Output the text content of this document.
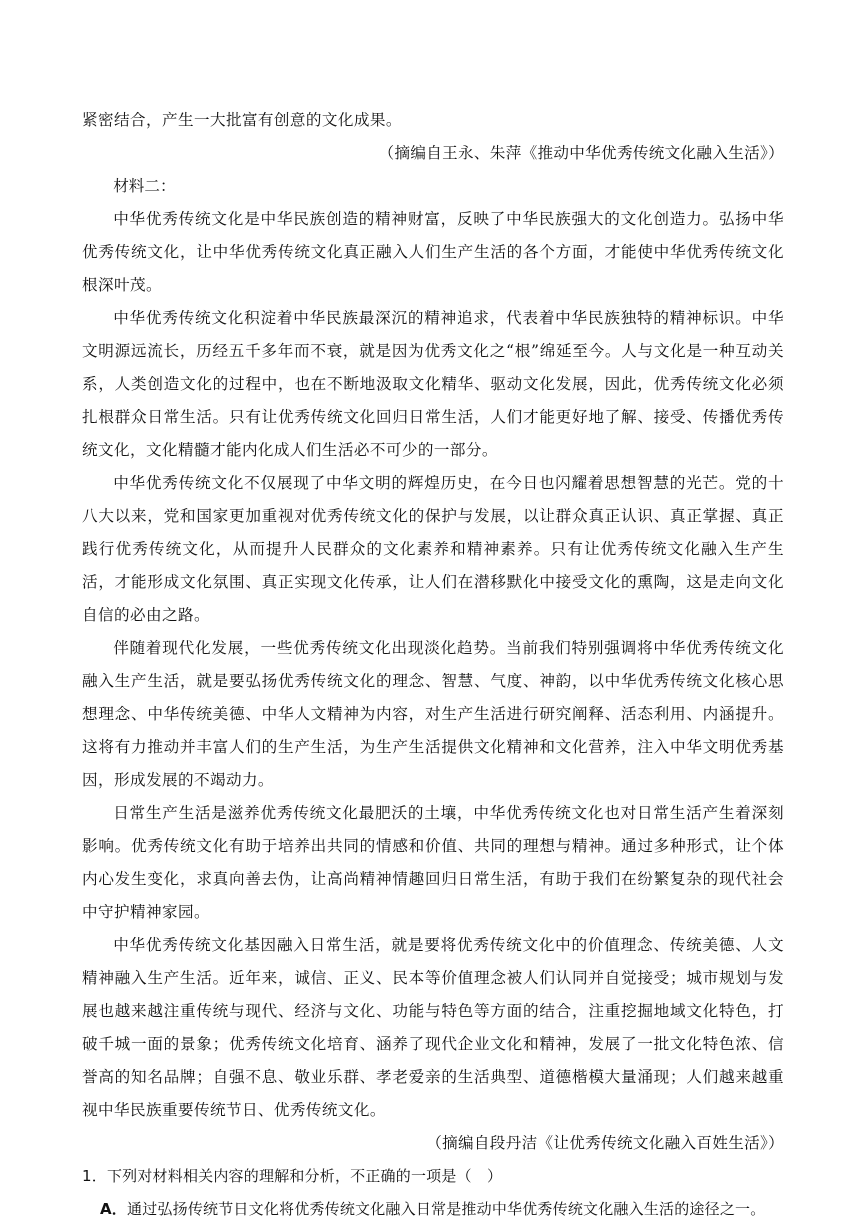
紧密结合，产生一大批富有创意的文化成果。

（摘编自王永、朱萍《推动中华优秀传统文化融入生活》）

材料二：

中华优秀传统文化是中华民族创造的精神财富，反映了中华民族强大的文化创造力。弘扬中华优秀传统文化，让中华优秀传统文化真正融入人们生产生活的各个方面，才能使中华优秀传统文化根深叶茂。

中华优秀传统文化积淀着中华民族最深沉的精神追求，代表着中华民族独特的精神标识。中华文明源远流长，历经五千多年而不衰，就是因为优秀文化之“根”绵延至今。人与文化是一种互动关系，人类创造文化的过程中，也在不断地汲取文化精华、驱动文化发展，因此，优秀传统文化必须扎根群众日常生活。只有让优秀传统文化回归日常生活，人们才能更好地了解、接受、传播优秀传统文化，文化精髓才能内化成人们生活必不可少的一部分。

中华优秀传统文化不仅展现了中华文明的辉煌历史，在今日也闪耀着思想智慧的光芒。党的十八大以来，党和国家更加重视对优秀传统文化的保护与发展，以让群众真正认识、真正掌握、真正践行优秀传统文化，从而提升人民群众的文化素养和精神素养。只有让优秀传统文化融入生产生活，才能形成文化氛围、真正实现文化传承，让人们在潜移默化中接受文化的熏陶，这是走向文化自信的必由之路。

伴随着现代化发展，一些优秀传统文化出现淡化趋势。当前我们特别强调将中华优秀传统文化融入生产生活，就是要弘扬优秀传统文化的理念、智慧、气度、神韵，以中华优秀传统文化核心思想理念、中华传统美德、中华人文精神为内容，对生产生活进行研究阐释、活态利用、内涵提升。这将有力推动并丰富人们的生产生活，为生产生活提供文化精神和文化营养，注入中华文明优秀基因，形成发展的不竭动力。

日常生产生活是滋养优秀传统文化最肥沃的土壤，中华优秀传统文化也对日常生活产生着深刻影响。优秀传统文化有助于培养出共同的情感和价值、共同的理想与精神。通过多种形式，让个体内心发生变化，求真向善去伪，让高尚精神情趣回归日常生活，有助于我们在纷繁复杂的现代社会中守护精神家园。

中华优秀传统文化基因融入日常生活，就是要将优秀传统文化中的价值理念、传统美德、人文精神融入生产生活。近年来，诚信、正义、民本等价值理念被人们认同并自觉接受；城市规划与发展也越来越注重传统与现代、经济与文化、功能与特色等方面的结合，注重挖掘地域文化特色，打破千城一面的景象；优秀传统文化培育、涵养了现代企业文化和精神，发展了一批文化特色浓、信誉高的知名品牌；自强不息、敬业乐群、孝老爱亲的生活典型、道德楷模大量涌现；人们越来越重视中华民族重要传统节日、优秀传统文化。

（摘编自段丹洁《让优秀传统文化融入百姓生活》）

1．下列对材料相关内容的理解和分析，不正确的一项是（　）

A．通过弘扬传统节日文化将优秀传统文化融入日常是推动中华优秀传统文化融入生活的途径之一。
